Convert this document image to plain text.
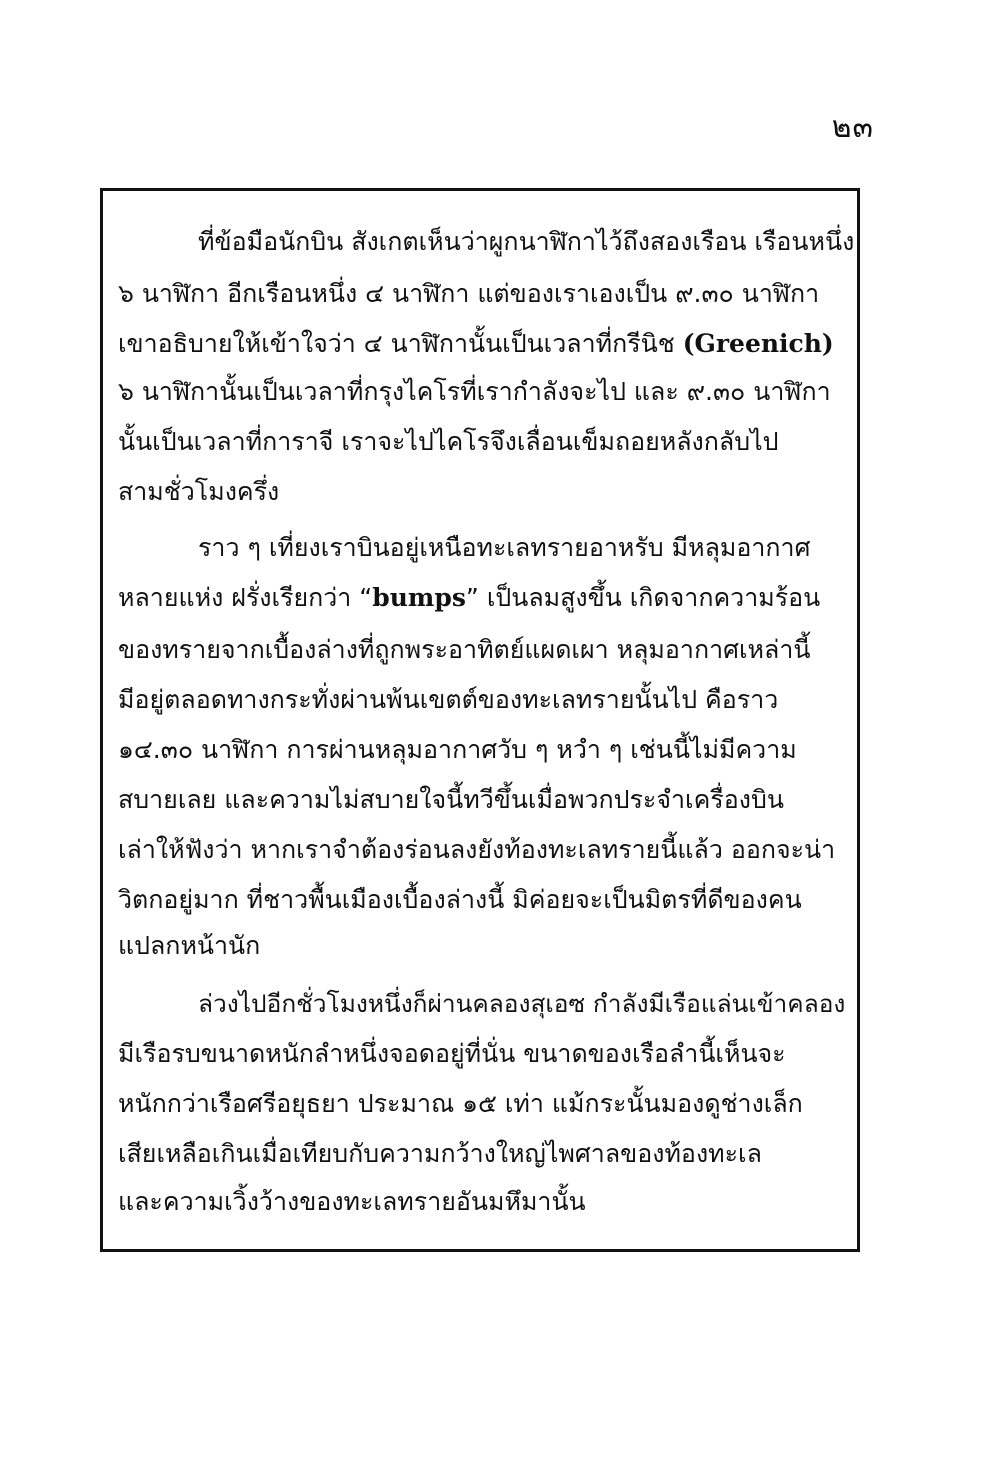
๒๓
ที่ข้อมือนักบิน สังเกตเห็นว่าผูกนาฬิกาไว้ถึงสองเรือน เรือนหนึ่ง
๖ นาฬิกา อีกเรือนหนึ่ง ๔ นาฬิกา แต่ของเราเองเป็น ๙.๓๐ นาฬิกา
เขาอธิบายให้เข้าใจว่า ๔ นาฬิกานั้นเป็นเวลาที่กรีนิช (Greenich)
๖ นาฬิกานั้นเป็นเวลาที่กรุงไคโรที่เรากำลังจะไป และ ๙.๓๐ นาฬิกา
นั้นเป็นเวลาที่การาจี เราจะไปไคโรจึงเลื่อนเข็มถอยหลังกลับไป
สามชั่วโมงครึ่ง
ราว ๆ เที่ยงเราบินอยู่เหนือทะเลทรายอาหรับ มีหลุมอากาศ
หลายแห่ง ฝรั่งเรียกว่า “bumps” เป็นลมสูงขึ้น เกิดจากความร้อน
ของทรายจากเบื้องล่างที่ถูกพระอาทิตย์แผดเผา หลุมอากาศเหล่านี้
มีอยู่ตลอดทางกระทั่งผ่านพ้นเขตต์ของทะเลทรายนั้นไป คือราว
๑๔.๓๐ นาฬิกา การผ่านหลุมอากาศวับ ๆ หวำ ๆ เช่นนี้ไม่มีความ
สบายเลย และความไม่สบายใจนี้ทวีขึ้นเมื่อพวกประจำเครื่องบิน
เล่าให้ฟังว่า หากเราจำต้องร่อนลงยังท้องทะเลทรายนี้แล้ว ออกจะน่า
วิตกอยู่มาก ที่ชาวพื้นเมืองเบื้องล่างนี้ มิค่อยจะเป็นมิตรที่ดีของคน
แปลกหน้านัก
ล่วงไปอีกชั่วโมงหนึ่งก็ผ่านคลองสุเอซ กำลังมีเรือแล่นเข้าคลอง
มีเรือรบขนาดหนักลำหนึ่งจอดอยู่ที่นั่น ขนาดของเรือลำนี้เห็นจะ
หนักกว่าเรือศรีอยุธยา ประมาณ ๑๕ เท่า แม้กระนั้นมองดูช่างเล็ก
เสียเหลือเกินเมื่อเทียบกับความกว้างใหญ่ไพศาลของท้องทะเล
และความเวิ้งว้างของทะเลทรายอันมหึมานั้น
